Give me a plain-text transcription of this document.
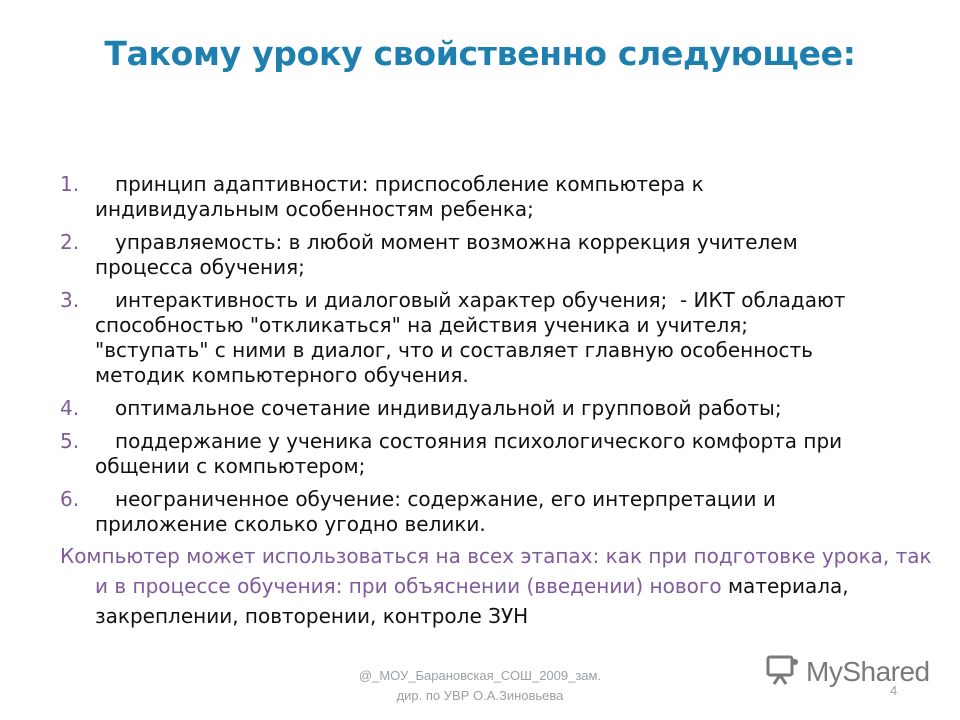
Такому уроку свойственно следующее:
1. принцип адаптивности: приспособление компьютера к
индивидуальным особенностям ребенка;
2. управляемость: в любой момент возможна коррекция учителем
процесса обучения;
3. интерактивность и диалоговый характер обучения;  - ИКТ обладают
способностью "откликаться" на действия ученика и учителя;
"вступать" с ними в диалог, что и составляет главную особенность
методик компьютерного обучения.
4. оптимальное сочетание индивидуальной и групповой работы;
5. поддержание у ученика состояния психологического комфорта при
общении с компьютером;
6. неограниченное обучение: содержание, его интерпретации и
приложение сколько угодно велики.

Компьютер может использоваться на всех этапах: как при подготовке урока, так и в процессе обучения: при объяснении (введении) нового материала, закреплении, повторении, контроле ЗУН

@_МОУ_Барановская_СОШ_2009_зам.
дир. по УВР О.А.Зиновьева	4
MyShared
